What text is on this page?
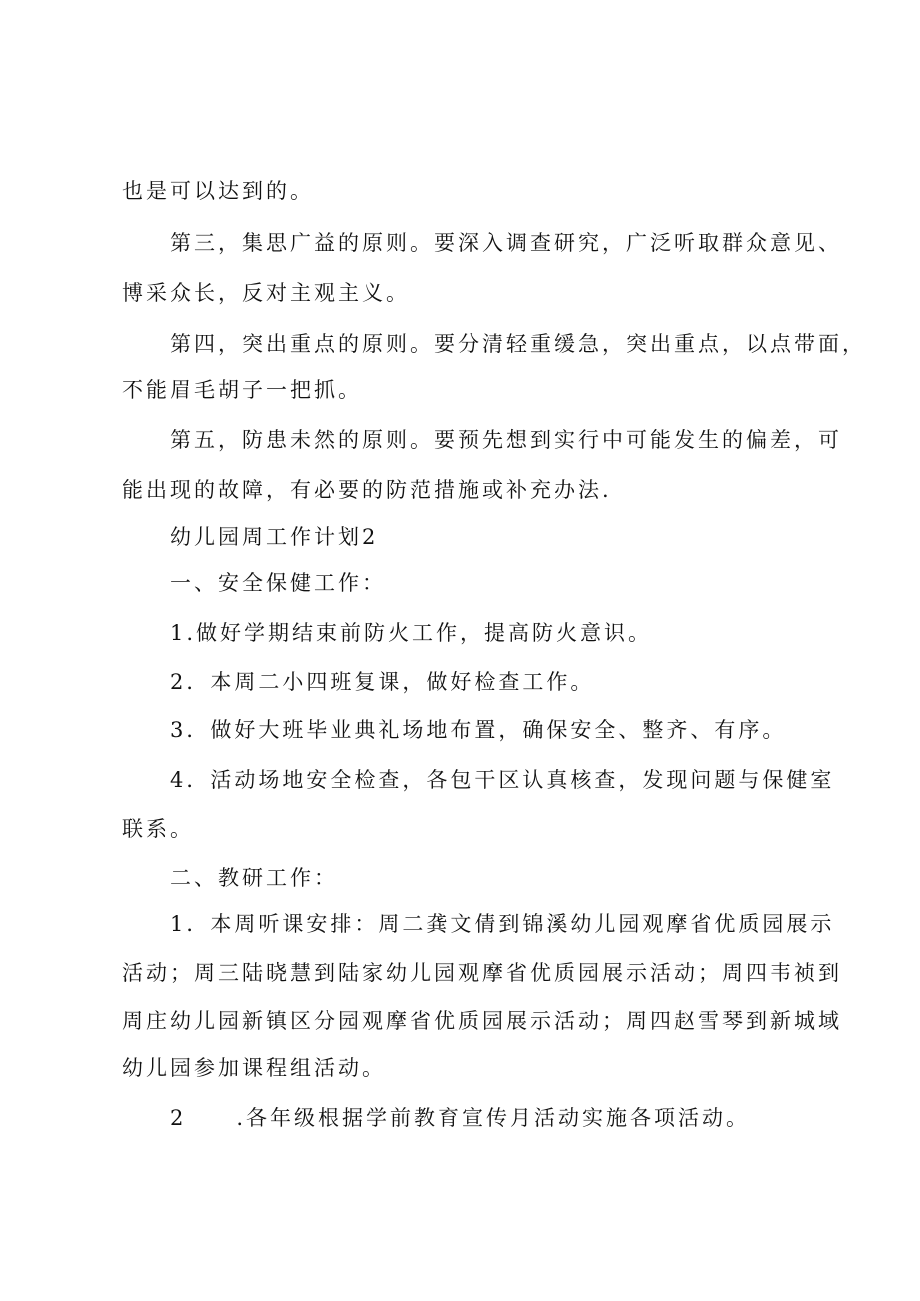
也是可以达到的。
第三，集思广益的原则。要深入调查研究，广泛听取群众意见、
博采众长，反对主观主义。
第四，突出重点的原则。要分清轻重缓急，突出重点，以点带面，
不能眉毛胡子一把抓。
第五，防患未然的原则。要预先想到实行中可能发生的偏差，可
能出现的故障，有必要的防范措施或补充办法.
幼儿园周工作计划2
一、安全保健工作：
1.做好学期结束前防火工作，提高防火意识。
2．本周二小四班复课，做好检查工作。
3．做好大班毕业典礼场地布置，确保安全、整齐、有序。
4．活动场地安全检查，各包干区认真核查，发现问题与保健室
联系。
二、教研工作：
1．本周听课安排：周二龚文倩到锦溪幼儿园观摩省优质园展示
活动；周三陆晓慧到陆家幼儿园观摩省优质园展示活动；周四韦祯到
周庄幼儿园新镇区分园观摩省优质园展示活动；周四赵雪琴到新城域
幼儿园参加课程组活动。
2 .各年级根据学前教育宣传月活动实施各项活动。
